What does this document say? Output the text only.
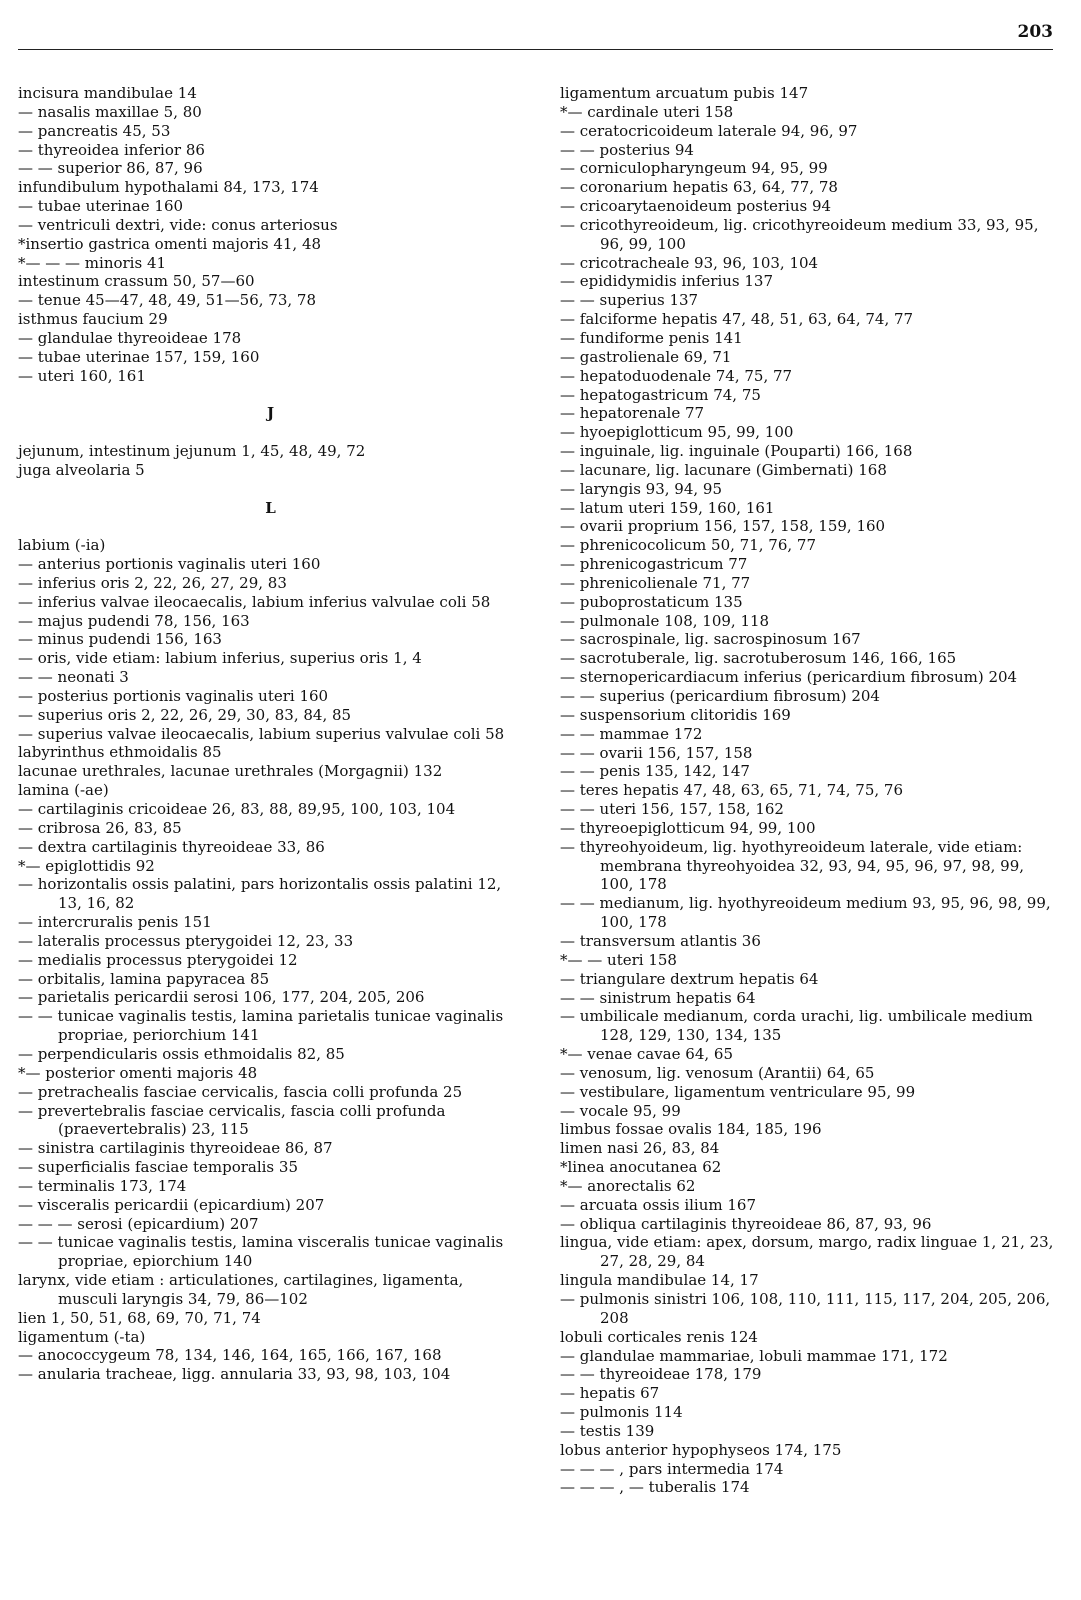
203
incisura mandibulae 14
— nasalis maxillae 5, 80
— pancreatis 45, 53
— thyreoidea inferior 86
— — superior 86, 87, 96
infundibulum hypothalami 84, 173, 174
— tubae uterinae 160
— ventriculi dextri, vide: conus arteriosus
*insertio gastrica omenti majoris 41, 48
*— — — minoris 41
intestinum crassum 50, 57—60
— tenue 45—47, 48, 49, 51—56, 73, 78
isthmus faucium 29
— glandulae thyreoideae 178
— tubae uterinae 157, 159, 160
— uteri 160, 161
J
jejunum, intestinum jejunum 1, 45, 48, 49, 72
juga alveolaria 5
L
labium (-ia)
— anterius portionis vaginalis uteri 160
— inferius oris 2, 22, 26, 27, 29, 83
— inferius valvae ileocaecalis, labium inferius valvulae coli 58
— majus pudendi 78, 156, 163
— minus pudendi 156, 163
— oris, vide etiam: labium inferius, superius oris 1, 4
— — neonati 3
— posterius portionis vaginalis uteri 160
— superius oris 2, 22, 26, 29, 30, 83, 84, 85
— superius valvae ileocaecalis, labium superius valvulae coli 58
labyrinthus ethmoidalis 85
lacunae urethrales, lacunae urethrales (Morgagnii) 132
lamina (-ae)
— cartilaginis cricoideae 26, 83, 88, 89,95, 100, 103, 104
— cribrosa 26, 83, 85
— dextra cartilaginis thyreoideae 33, 86
*— epiglottidis 92
— horizontalis ossis palatini, pars horizontalis ossis palatini 12, 13, 16, 82
— intercruralis penis 151
— lateralis processus pterygoidei 12, 23, 33
— medialis processus pterygoidei 12
— orbitalis, lamina papyracea 85
— parietalis pericardii serosi 106, 177, 204, 205, 206
— — tunicae vaginalis testis, lamina parietalis tunicae vaginalis propriae, periorchium 141
— perpendicularis ossis ethmoidalis 82, 85
*— posterior omenti majoris 48
— pretrachealis fasciae cervicalis, fascia colli profunda 25
— prevertebralis fasciae cervicalis, fascia colli profunda (praevertebralis) 23, 115
— sinistra cartilaginis thyreoideae 86, 87
— superficialis fasciae temporalis 35
— terminalis 173, 174
— visceralis pericardii (epicardium) 207
— — — serosi (epicardium) 207
— — tunicae vaginalis testis, lamina visceralis tunicae vaginalis propriae, epiorchium 140
larynx, vide etiam : articulationes, cartilagines, ligamenta, musculi laryngis 34, 79, 86—102
lien 1, 50, 51, 68, 69, 70, 71, 74
ligamentum (-ta)
— anococcygeum 78, 134, 146, 164, 165, 166, 167, 168
— anularia tracheae, ligg. annularia 33, 93, 98, 103, 104
ligamentum arcuatum pubis 147
*— cardinale uteri 158
— ceratocricoideum laterale 94, 96, 97
— — posterius 94
— corniculopharyngeum 94, 95, 99
— coronarium hepatis 63, 64, 77, 78
— cricoarytaenoideum posterius 94
— cricothyreoideum, lig. cricothyreoideum medium 33, 93, 95, 96, 99, 100
— cricotracheale 93, 96, 103, 104
— epididymidis inferius 137
— — superius 137
— falciforme hepatis 47, 48, 51, 63, 64, 74, 77
— fundiforme penis 141
— gastrolienale 69, 71
— hepatoduodenale 74, 75, 77
— hepatogastricum 74, 75
— hepatorenale 77
— hyoepiglotticum 95, 99, 100
— inguinale, lig. inguinale (Pouparti) 166, 168
— lacunare, lig. lacunare (Gimbernati) 168
— laryngis 93, 94, 95
— latum uteri 159, 160, 161
— ovarii proprium 156, 157, 158, 159, 160
— phrenicocolicum 50, 71, 76, 77
— phrenicogastricum 77
— phrenicolienale 71, 77
— puboprostaticum 135
— pulmonale 108, 109, 118
— sacrospinale, lig. sacrospinosum 167
— sacrotuberale, lig. sacrotuberosum 146, 166, 165
— sternopericardiacum inferius (pericardium fibrosum) 204
— — superius (pericardium fibrosum) 204
— suspensorium clitoridis 169
— — mammae 172
— — ovarii 156, 157, 158
— — penis 135, 142, 147
— teres hepatis 47, 48, 63, 65, 71, 74, 75, 76
— — uteri 156, 157, 158, 162
— thyreoepiglotticum 94, 99, 100
— thyreohyoideum, lig. hyothyreoideum laterale, vide etiam: membrana thyreohyoidea 32, 93, 94, 95, 96, 97, 98, 99, 100, 178
— — medianum, lig. hyothyreoideum medium 93, 95, 96, 98, 99, 100, 178
— transversum atlantis 36
*— — uteri 158
— triangulare dextrum hepatis 64
— — sinistrum hepatis 64
— umbilicale medianum, corda urachi, lig. umbilicale medium 128, 129, 130, 134, 135
*— venae cavae 64, 65
— venosum, lig. venosum (Arantii) 64, 65
— vestibulare, ligamentum ventriculare 95, 99
— vocale 95, 99
limbus fossae ovalis 184, 185, 196
limen nasi 26, 83, 84
*linea anocutanea 62
*— anorectalis 62
— arcuata ossis ilium 167
— obliqua cartilaginis thyreoideae 86, 87, 93, 96
lingua, vide etiam: apex, dorsum, margo, radix linguae 1, 21, 23, 27, 28, 29, 84
lingula mandibulae 14, 17
— pulmonis sinistri 106, 108, 110, 111, 115, 117, 204, 205, 206, 208
lobuli corticales renis 124
— glandulae mammariae, lobuli mammae 171, 172
— — thyreoideae 178, 179
— hepatis 67
— pulmonis 114
— testis 139
lobus anterior hypophyseos 174, 175
— — — , pars intermedia 174
— — — , — tuberalis 174
